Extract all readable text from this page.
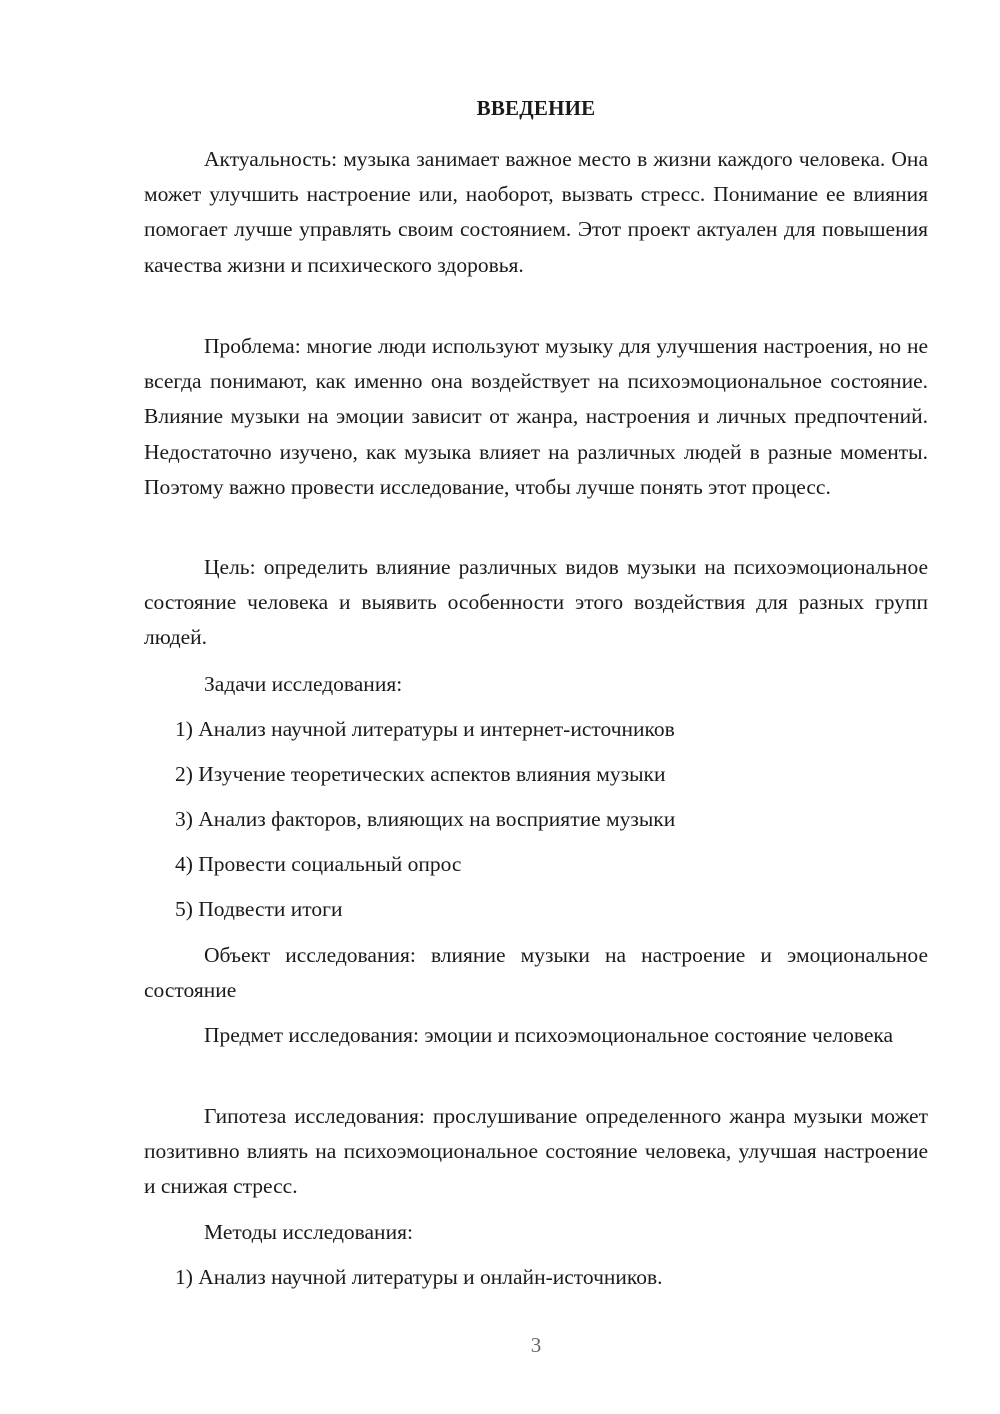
ВВЕДЕНИЕ

Актуальность: музыка занимает важное место в жизни каждого человека. Она может улучшить настроение или, наоборот, вызвать стресс. Понимание ее влияния помогает лучше управлять своим состоянием. Этот проект актуален для повышения качества жизни и психического здоровья.

Проблема: многие люди используют музыку для улучшения настроения, но не всегда понимают, как именно она воздействует на психоэмоциональное состояние. Влияние музыки на эмоции зависит от жанра, настроения и личных предпочтений. Недостаточно изучено, как музыка влияет на различных людей в разные моменты. Поэтому важно провести исследование, чтобы лучше понять этот процесс.

Цель: определить влияние различных видов музыки на психоэмоциональное состояние человека и выявить особенности этого воздействия для разных групп людей.

Задачи исследования:

1) Анализ научной литературы и интернет-источников

2) Изучение теоретических аспектов влияния музыки

3) Анализ факторов, влияющих на восприятие музыки

4) Провести социальный опрос

5) Подвести итоги

Объект исследования: влияние музыки на настроение и эмоциональное состояние

Предмет исследования: эмоции и психоэмоциональное состояние человека

Гипотеза исследования: прослушивание определенного жанра музыки может позитивно влиять на психоэмоциональное состояние человека, улучшая настроение и снижая стресс.

Методы исследования:

1) Анализ научной литературы и онлайн-источников.

3
